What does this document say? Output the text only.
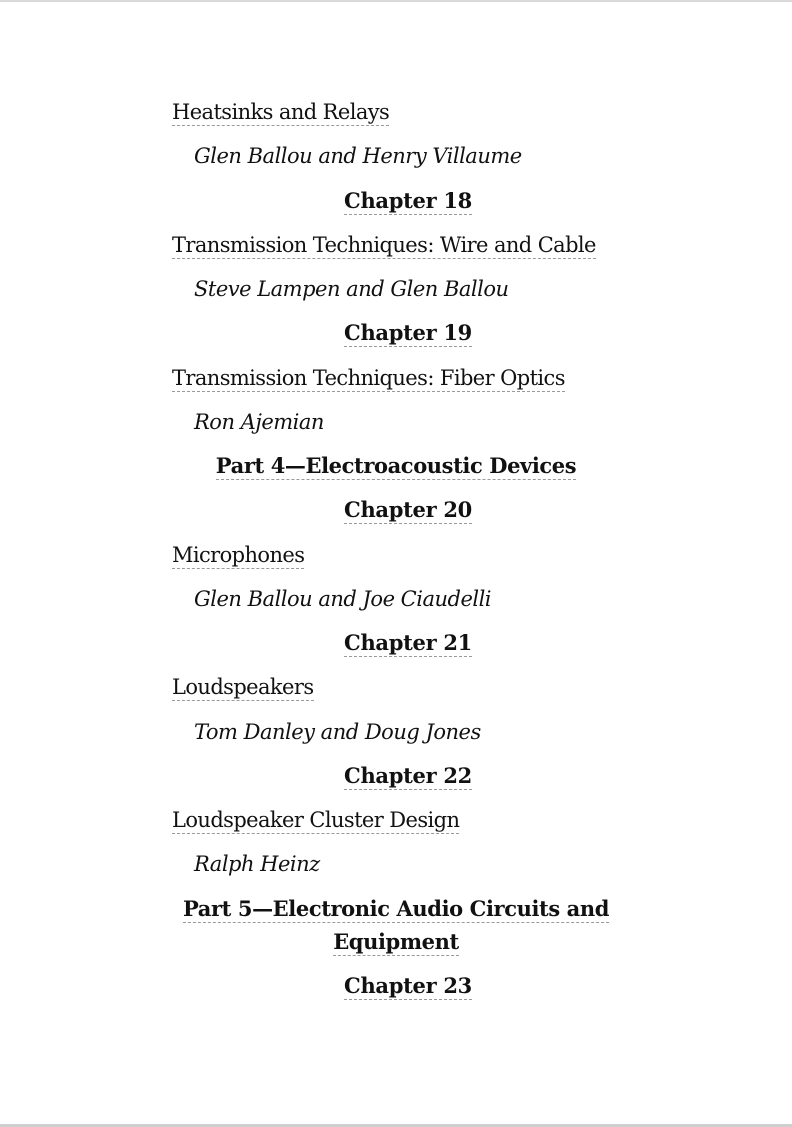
Heatsinks and Relays
Glen Ballou and Henry Villaume
Chapter 18
Transmission Techniques: Wire and Cable
Steve Lampen and Glen Ballou
Chapter 19
Transmission Techniques: Fiber Optics
Ron Ajemian
Part 4—Electroacoustic Devices
Chapter 20
Microphones
Glen Ballou and Joe Ciaudelli
Chapter 21
Loudspeakers
Tom Danley and Doug Jones
Chapter 22
Loudspeaker Cluster Design
Ralph Heinz
Part 5—Electronic Audio Circuits and
Equipment
Chapter 23
